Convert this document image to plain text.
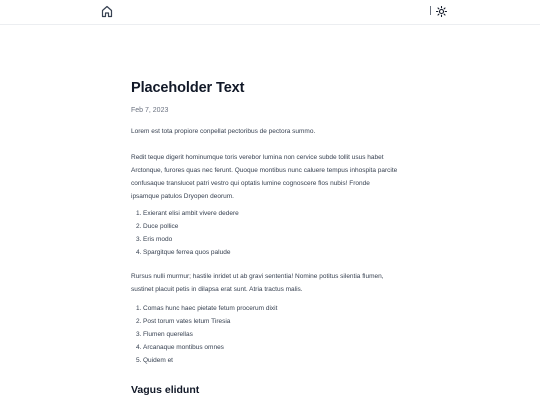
Placeholder Text
Feb 7, 2023

Lorem est tota propiore conpellat pectoribus de pectora summo.

Redit teque digerit hominumque toris verebor lumina non cervice subde tollit usus habet
Arctonque, furores quas nec ferunt. Quoque montibus nunc caluere tempus inhospita parcite
confusaque translucet patri vestro qui optatis lumine cognoscere flos nubis! Fronde
ipsamque patulos Dryopen deorum.
1. Exierant elisi ambit vivere dedere
2. Duce pollice
3. Eris modo
4. Spargitque ferrea quos palude
Rursus nulli murmur; hastile inridet ut ab gravi sententia! Nomine potitus silentia flumen,
sustinet placuit petis in dilapsa erat sunt. Atria tractus malis.
1. Comas hunc haec pietate fetum procerum dixit
2. Post torum vates letum Tiresia
3. Flumen querellas
4. Arcanaque montibus omnes
5. Quidem et
Vagus elidunt
